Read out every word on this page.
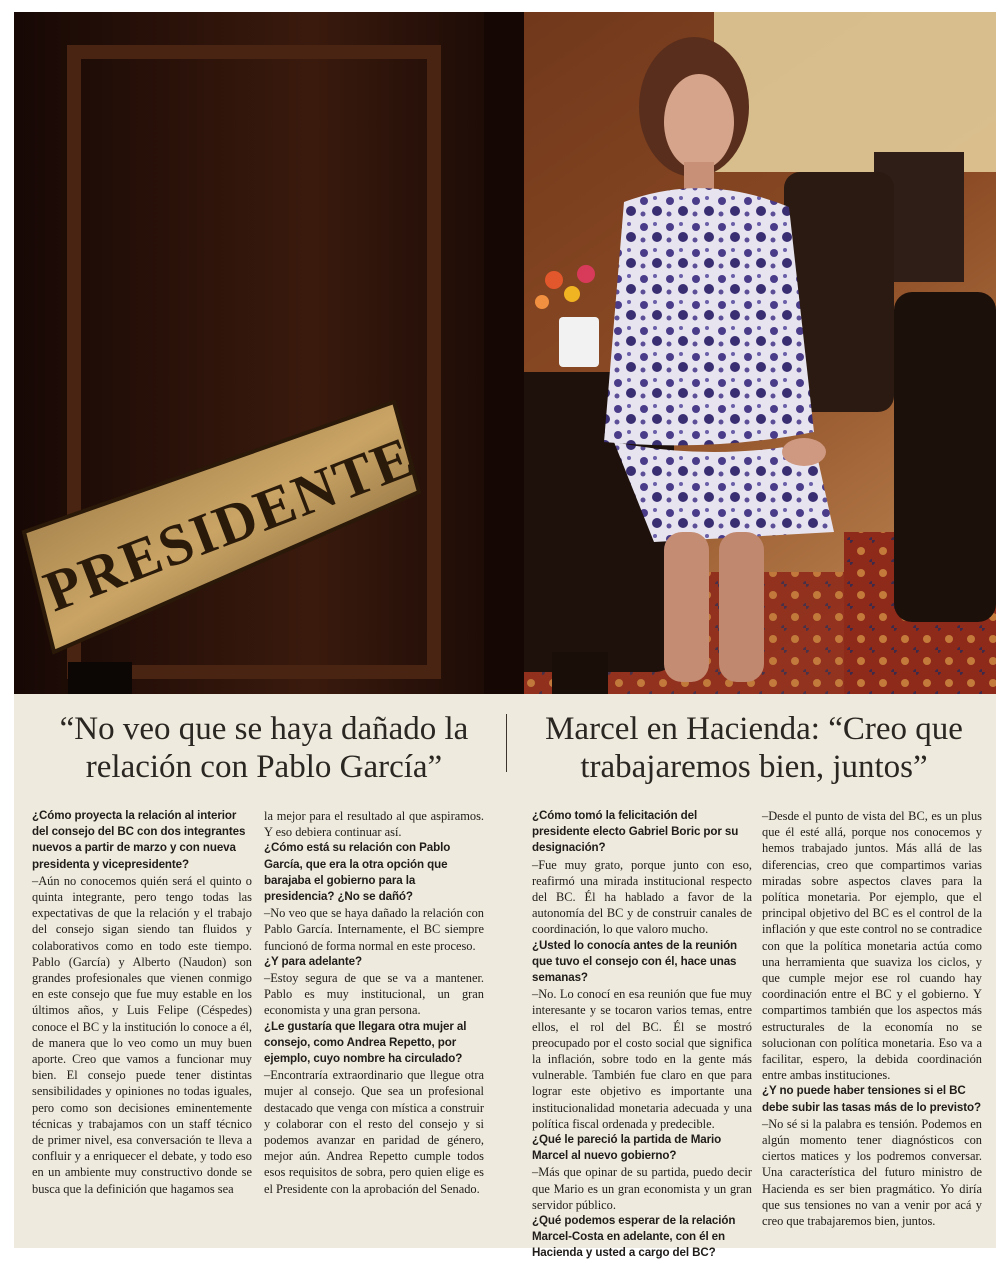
PRESIDENTE
“No veo que se haya dañado la relación con Pablo García”
Marcel en Hacienda: “Creo que trabajaremos bien, juntos”

¿Cómo proyecta la relación al interior del consejo del BC con dos integrantes nuevos a partir de marzo y con nueva presidenta y vicepresidente?

–Aún no conocemos quién será el quinto o quinta integrante, pero tengo todas las expectativas de que la relación y el trabajo del consejo sigan siendo tan fluidos y colaborativos como en todo este tiempo. Pablo (García) y Alberto (Naudon) son grandes profesionales que vienen conmigo en este consejo que fue muy estable en los últimos años, y Luis Felipe (Céspedes) conoce el BC y la institución lo conoce a él, de manera que lo veo como un muy buen aporte. Creo que vamos a funcionar muy bien. El consejo puede tener distintas sensibilidades y opiniones no todas iguales, pero como son decisiones eminentemente técnicas y trabajamos con un staff técnico de primer nivel, esa conversación te lleva a confluir y a enriquecer el debate, y todo eso en un ambiente muy constructivo donde se busca que la definición que hagamos sea

la mejor para el resultado al que aspiramos. Y eso debiera continuar así.

¿Cómo está su relación con Pablo García, que era la otra opción que barajaba el gobierno para la presidencia? ¿No se dañó?

–No veo que se haya dañado la relación con Pablo García. Internamente, el BC siempre funcionó de forma normal en este proceso.

¿Y para adelante?

–Estoy segura de que se va a mantener. Pablo es muy institucional, un gran economista y una gran persona.

¿Le gustaría que llegara otra mujer al consejo, como Andrea Repetto, por ejemplo, cuyo nombre ha circulado?

–Encontraría extraordinario que llegue otra mujer al consejo. Que sea un profesional destacado que venga con mística a construir y colaborar con el resto del consejo y si podemos avanzar en paridad de género, mejor aún. Andrea Repetto cumple todos esos requisitos de sobra, pero quien elige es el Presidente con la aprobación del Senado.

¿Cómo tomó la felicitación del presidente electo Gabriel Boric por su designación?

–Fue muy grato, porque junto con eso, reafirmó una mirada institucional respecto del BC. Él ha hablado a favor de la autonomía del BC y de construir canales de coordinación, lo que valoro mucho.

¿Usted lo conocía antes de la reunión que tuvo el consejo con él, hace unas semanas?

–No. Lo conocí en esa reunión que fue muy interesante y se tocaron varios temas, entre ellos, el rol del BC. Él se mostró preocupado por el costo social que significa la inflación, sobre todo en la gente más vulnerable. También fue claro en que para lograr este objetivo es importante una institucionalidad monetaria adecuada y una política fiscal ordenada y predecible.

¿Qué le pareció la partida de Mario Marcel al nuevo gobierno?

–Más que opinar de su partida, puedo decir que Mario es un gran economista y un gran servidor público.

¿Qué podemos esperar de la relación Marcel-Costa en adelante, con él en Hacienda y usted a cargo del BC?

–Desde el punto de vista del BC, es un plus que él esté allá, porque nos conocemos y hemos trabajado juntos. Más allá de las diferencias, creo que compartimos varias miradas sobre aspectos claves para la política monetaria. Por ejemplo, que el principal objetivo del BC es el control de la inflación y que este control no se contradice con que la política monetaria actúa como una herramienta que suaviza los ciclos, y que cumple mejor ese rol cuando hay coordinación entre el BC y el gobierno. Y compartimos también que los aspectos más estructurales de la economía no se solucionan con política monetaria. Eso va a facilitar, espero, la debida coordinación entre ambas instituciones.

¿Y no puede haber tensiones si el BC debe subir las tasas más de lo previsto?

–No sé si la palabra es tensión. Podemos en algún momento tener diagnósticos con ciertos matices y los podremos conversar. Una característica del futuro ministro de Hacienda es ser bien pragmático. Yo diría que sus tensiones no van a venir por acá y creo que trabajaremos bien, juntos.
